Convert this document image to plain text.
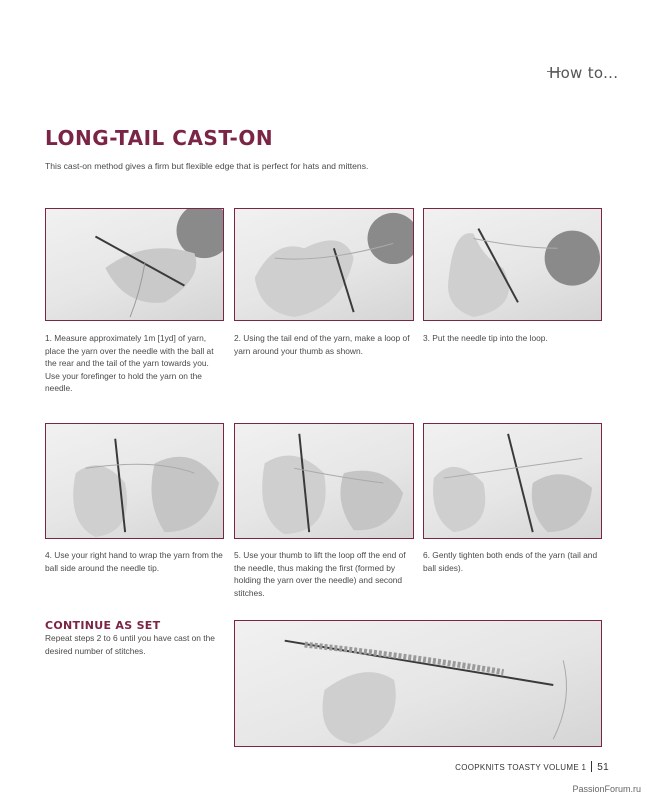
How to...
LONG-TAIL CAST-ON
This cast-on method gives a firm but flexible edge that is perfect for hats and mittens.
1. Measure approximately 1m [1yd] of yarn, place the yarn over the needle with the ball at the rear and the tail of the yarn towards you. Use your forefinger to hold the yarn on the needle.
2. Using the tail end of the yarn, make a loop of yarn around your thumb as shown.
3. Put the needle tip into the loop.
4. Use your right hand to wrap the yarn from the ball side around the needle tip.
5. Use your thumb to lift the loop off the end of the needle, thus making the first (formed by holding the yarn over the needle) and second stitches.
6. Gently tighten both ends of the yarn (tail and ball sides).
CONTINUE AS SET
Repeat steps 2 to 6 until you have cast on the desired number of stitches.
COOPKNITS TOASTY VOLUME 1 51
PassionForum.ru
